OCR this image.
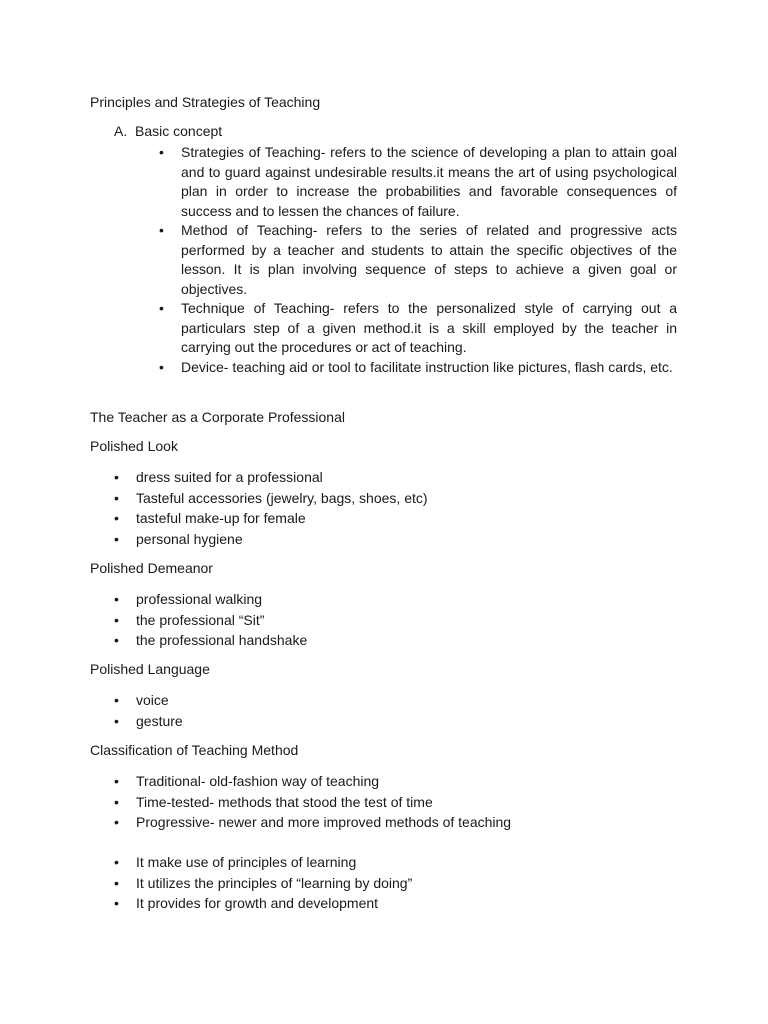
Principles and Strategies of Teaching
A. Basic concept
• Strategies of Teaching- refers to the science of developing a plan to attain goal and to guard against undesirable results.it means the art of using psychological plan in order to increase the probabilities and favorable consequences of success and to lessen the chances of failure.
• Method of Teaching- refers to the series of related and progressive acts performed by a teacher and students to attain the specific objectives of the lesson. It is plan involving sequence of steps to achieve a given goal or objectives.
• Technique of Teaching- refers to the personalized style of carrying out a particulars step of a given method.it is a skill employed by the teacher in carrying out the procedures or act of teaching.
• Device- teaching aid or tool to facilitate instruction like pictures, flash cards, etc.
The Teacher as a Corporate Professional
Polished Look
• dress suited for a professional
• Tasteful accessories (jewelry, bags, shoes, etc)
• tasteful make-up for female
• personal hygiene
Polished Demeanor
• professional walking
• the professional “Sit”
• the professional handshake
Polished Language
• voice
• gesture
Classification of Teaching Method
• Traditional- old-fashion way of teaching
• Time-tested- methods that stood the test of time
• Progressive- newer and more improved methods of teaching
• It make use of principles of learning
• It utilizes the principles of “learning by doing”
• It provides for growth and development
